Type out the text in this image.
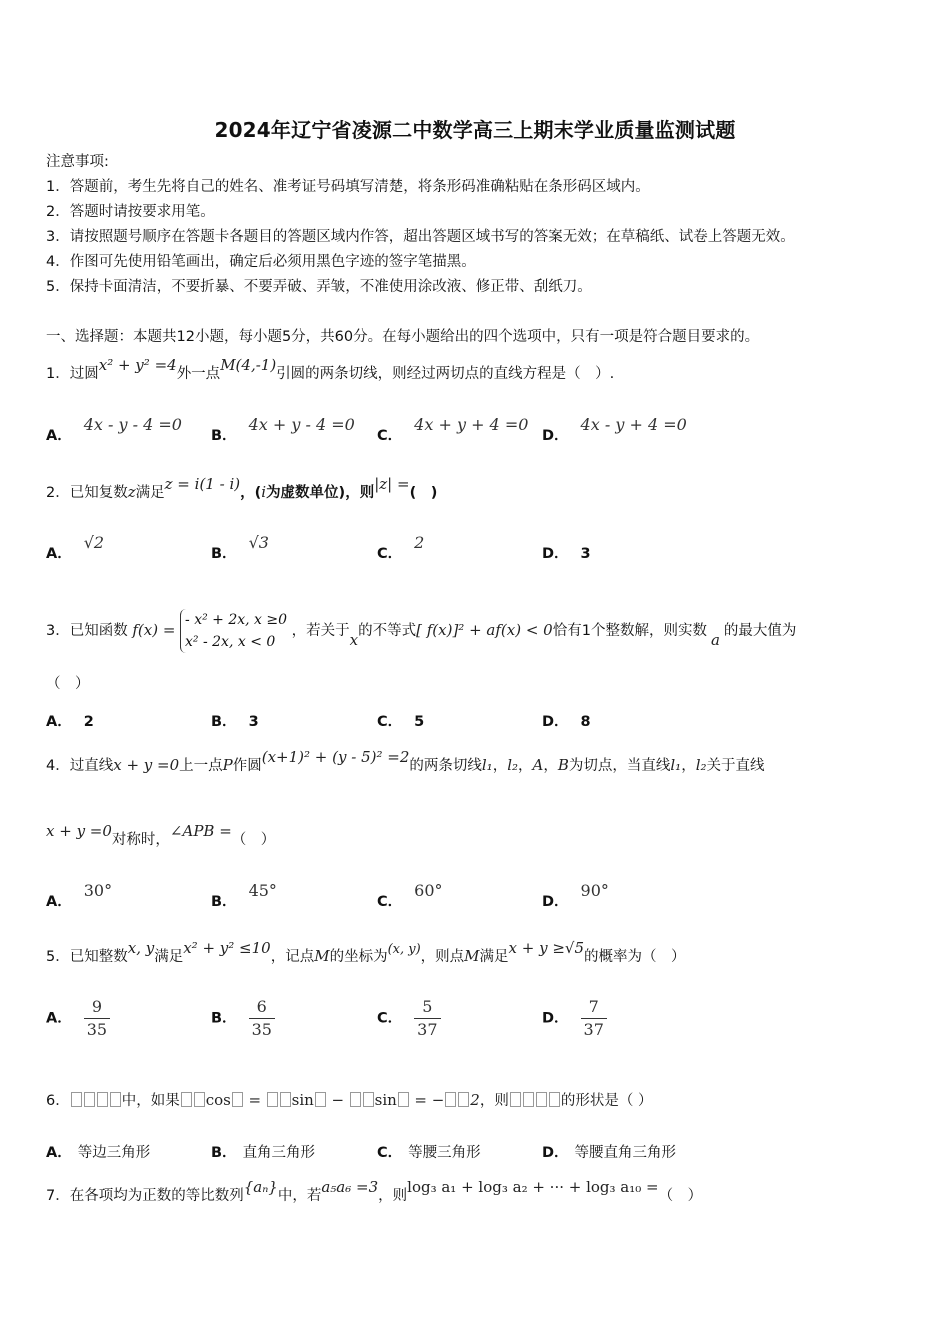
2024年辽宁省凌源二中数学高三上期末学业质量监测试题
注意事项:
1．答题前，考生先将自己的姓名、准考证号码填写清楚，将条形码准确粘贴在条形码区域内。
2．答题时请按要求用笔。
3．请按照题号顺序在答题卡各题目的答题区域内作答，超出答题区域书写的答案无效；在草稿纸、试卷上答题无效。
4．作图可先使用铅笔画出，确定后必须用黑色字迹的签字笔描黑。
5．保持卡面清洁，不要折暴、不要弄破、弄皱，不准使用涂改液、修正带、刮纸刀。
一、选择题：本题共12小题，每小题5分，共60分。在每小题给出的四个选项中，只有一项是符合题目要求的。
1．过圆x² + y² =4外一点M(4,-1)引圆的两条切线，则经过两切点的直线方程是（　）.
A．4x - y - 4 =0
B．4x + y - 4 =0
C．4x + y + 4 =0
D．4x - y + 4 =0
2．已知复数z满足z = i(1 - i)，(i为虚数单位)，则|z| =(　)
A．√2
B．√3
C．2
D． 3
3．已知函数 f(x) =
- x² + 2x, x ≥0
x² - 2x, x < 0
，若关于x的不等式[ f(x)]² + af(x) < 0恰有1个整数解，则实数 a 的最大值为
（　）
A． 2	B． 3	C． 5	D． 8
4．过直线x + y =0上一点P作圆(x+1)² + (y - 5)² =2的两条切线l₁，l₂，A，B为切点，当直线l₁，l₂关于直线
x + y =0对称时，∠APB =（　）
A．30°
B．45°
C．60°
D．90°
5．已知整数x, y满足x² + y² ≤10，记点M的坐标为(x, y)，则点M满足x + y ≥√5的概率为（　）
A． $\frac{9}{35}$	B． $\frac{6}{35}$	C． $\frac{5}{37}$	D． $\frac{7}{37}$
6．	中，如果 cos = sin − sin = − 2，则	的形状是（ ）
A． 等边三角形	B． 直角三角形	C． 等腰三角形	D． 等腰直角三角形
7．在各项均为正数的等比数列{aₙ}中，若a₅a₆ =3，则log₃ a₁ + log₃ a₂ + ··· + log₃ a₁₀ =（　）
